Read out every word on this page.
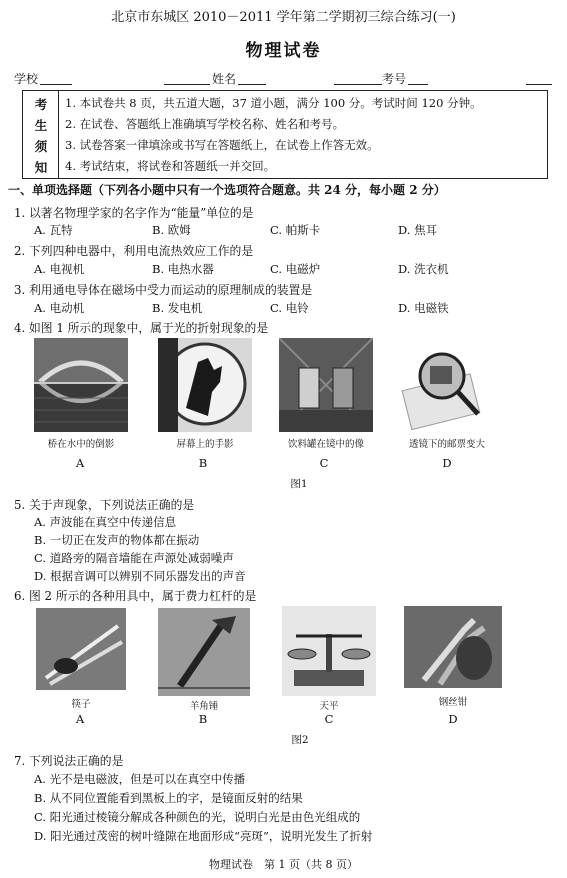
北京市东城区 2010－2011 学年第二学期初三综合练习(一)
物理试卷
学校	姓名	考号
考
生
须
知
1. 本试卷共 8 页，共五道大题，37 道小题，满分 100 分。考试时间 120 分钟。
2. 在试卷、答题纸上准确填写学校名称、姓名和考号。
3. 试卷答案一律填涂或书写在答题纸上，在试卷上作答无效。
4. 考试结束，将试卷和答题纸一并交回。
一、单项选择题（下列各小题中只有一个选项符合题意。共 24 分，每小题 2 分）
1. 以著名物理学家的名字作为“能量”单位的是
A. 瓦特	B. 欧姆	C. 帕斯卡	D. 焦耳
2. 下列四种电器中，利用电流热效应工作的是
A. 电视机	B. 电热水器	C. 电磁炉	D. 洗衣机
3. 利用通电导体在磁场中受力而运动的原理制成的装置是
A. 电动机	B. 发电机	C. 电铃	D. 电磁铁
4. 如图 1 所示的现象中，属于光的折射现象的是
桥在水中的倒影	屏幕上的手影	饮料罐在镜中的像	透镜下的邮票变大
A	B	C	D
图1
5. 关于声现象，下列说法正确的是
A. 声波能在真空中传递信息
B. 一切正在发声的物体都在振动
C. 道路旁的隔音墙能在声源处减弱噪声
D. 根据音调可以辨别不同乐器发出的声音
6. 图 2 所示的各种用具中，属于费力杠杆的是
筷子	羊角锤	天平	钢丝钳
A	B	C	D
图2
7. 下列说法正确的是
A. 光不是电磁波，但是可以在真空中传播
B. 从不同位置能看到黑板上的字，是镜面反射的结果
C. 阳光通过棱镜分解成各种颜色的光，说明白光是由色光组成的
D. 阳光通过茂密的树叶缝隙在地面形成“亮斑”，说明光发生了折射
物理试卷　第 1 页（共 8 页）
